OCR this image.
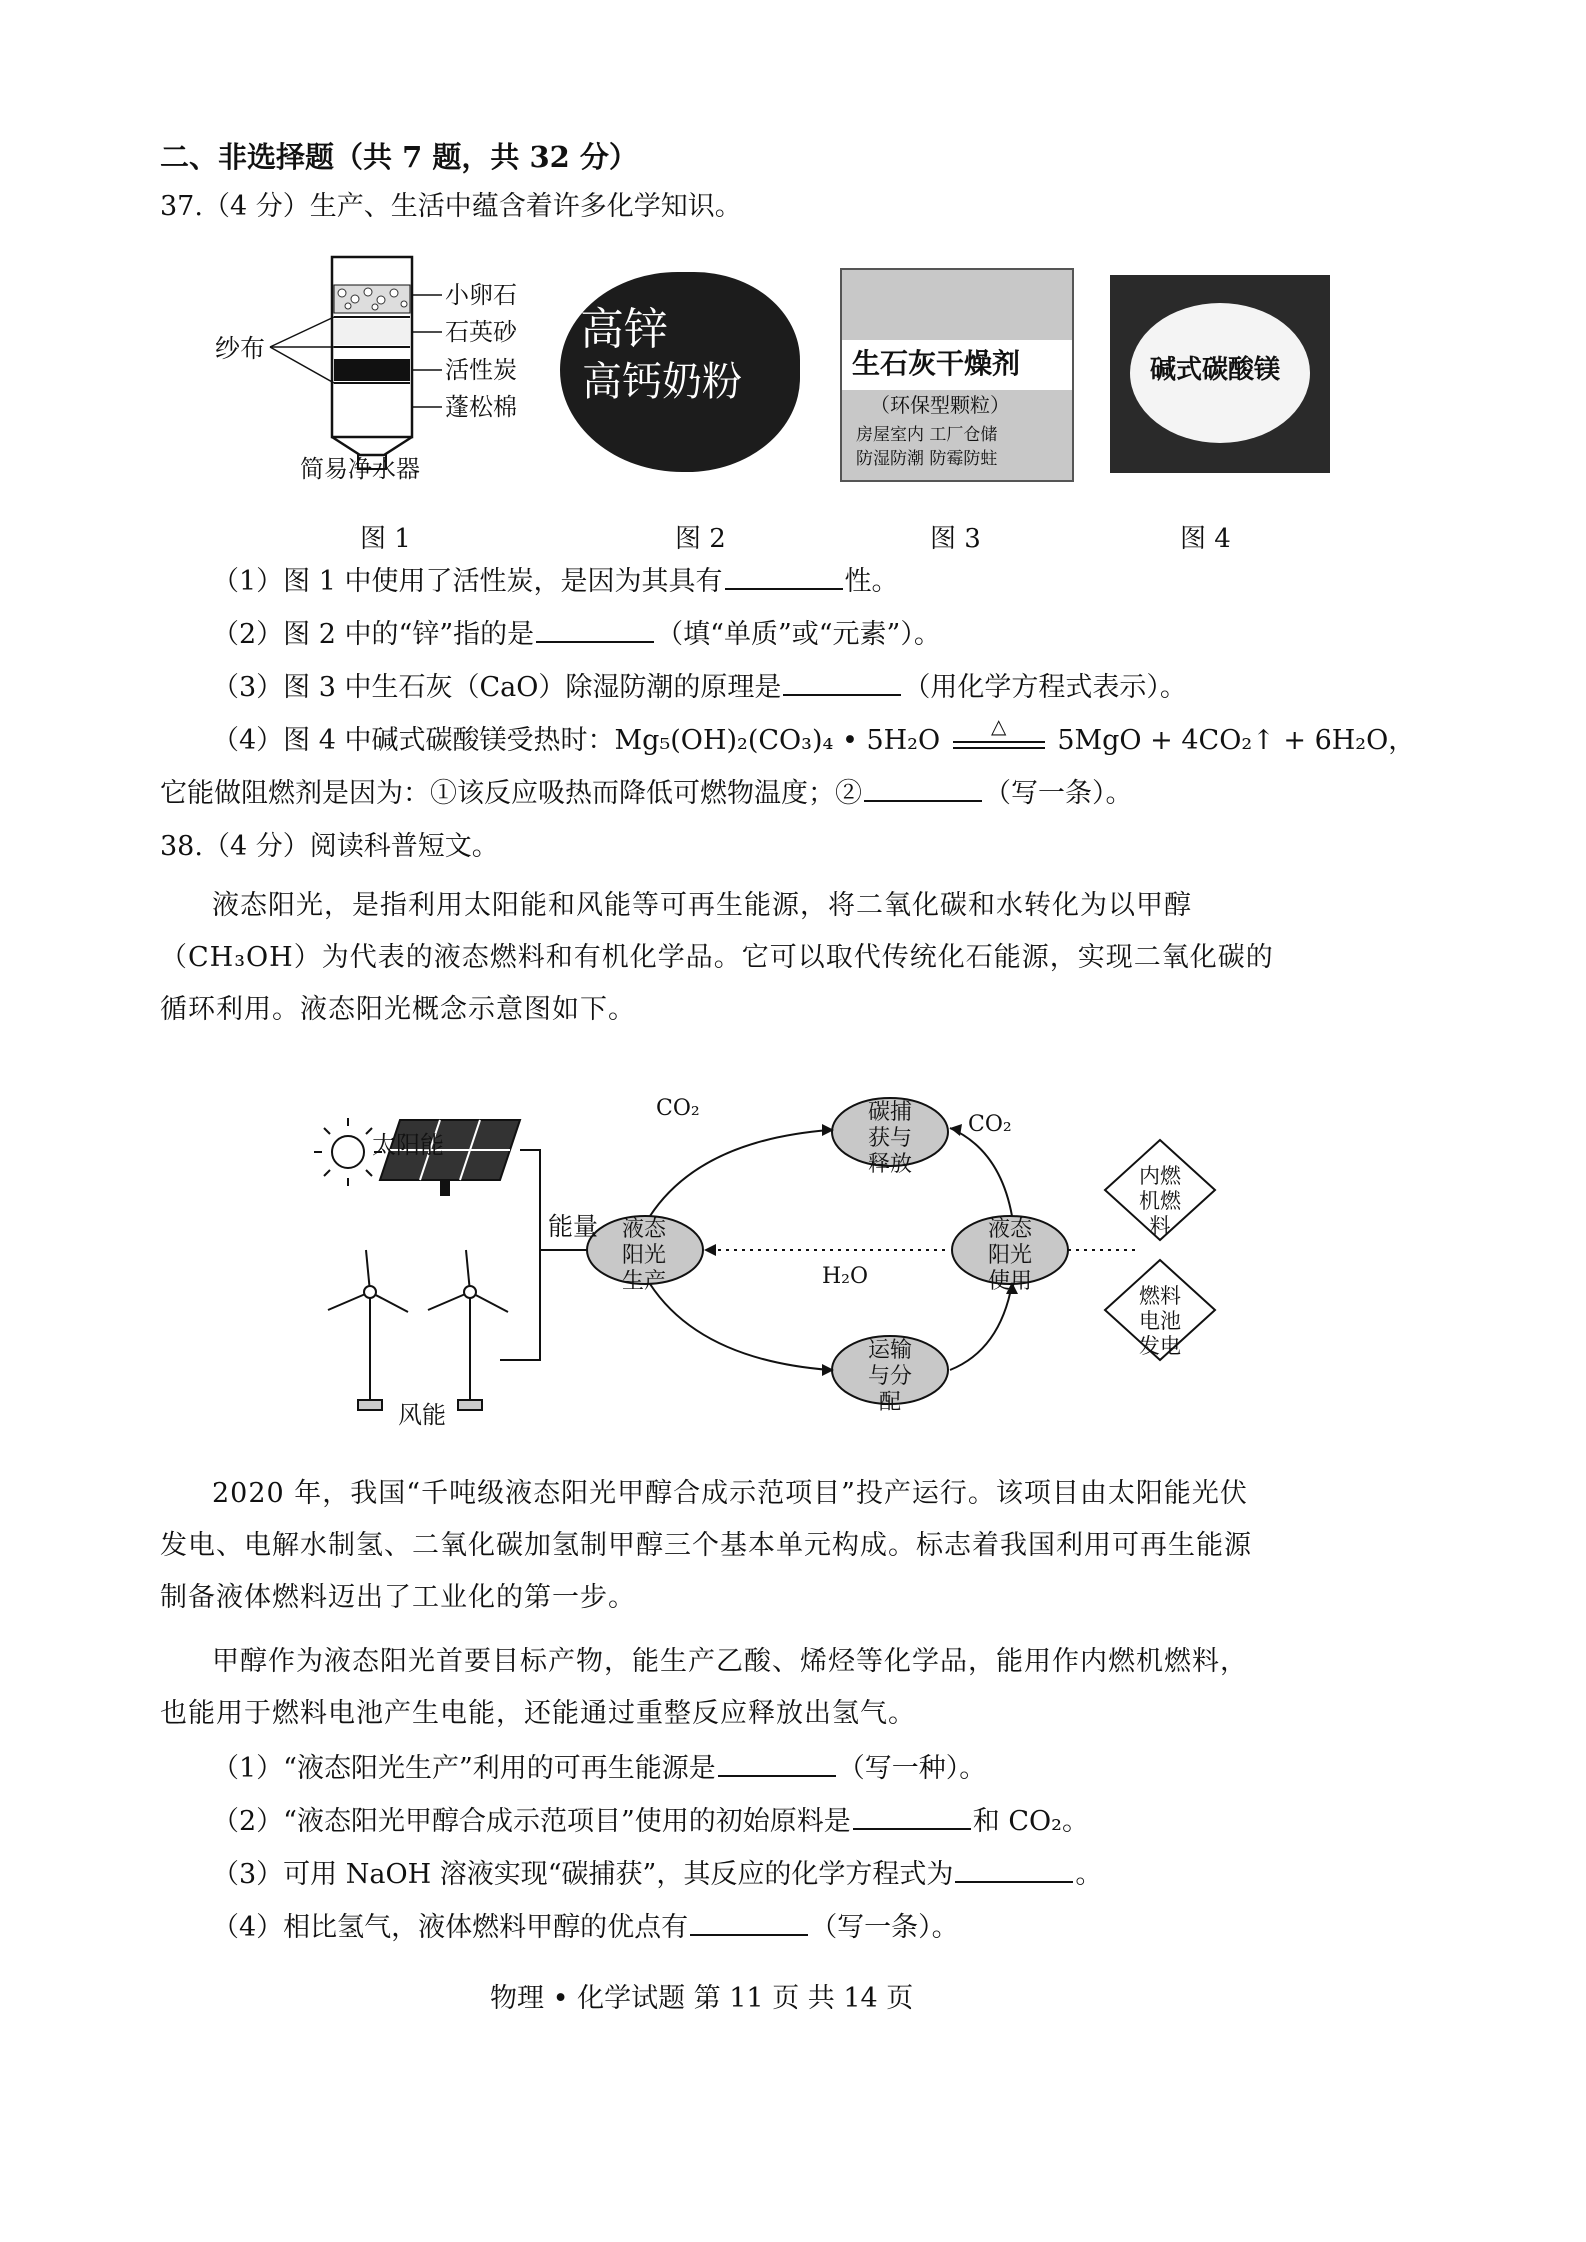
二、非选择题（共 7 题，共 32 分）
37.（4 分）生产、生活中蕴含着许多化学知识。
纱布
小卵石
石英砂
活性炭
蓬松棉
简易净水器
高锌
高钙奶粉	生石灰干燥剂
（环保型颗粒）
房屋室内 工厂仓储
防湿防潮 防霉防蛀
碱式碳酸镁
图 1	图 2	图 3	图 4
（1）图 1 中使用了活性炭，是因为其具有	性。
（2）图 2 中的“锌”指的是	（填“单质”或“元素”）。
（3）图 3 中生石灰（CaO）除湿防潮的原理是	（用化学方程式表示）。
（4）图 4 中碱式碳酸镁受热时：Mg₅(OH)₂(CO₃)₄ • 5H₂O	△	5MgO + 4CO₂↑ + 6H₂O，
它能做阻燃剂是因为：①该反应吸热而降低可燃物温度；②	（写一条）。
38.（4 分）阅读科普短文。
液态阳光，是指利用太阳能和风能等可再生能源，将二氧化碳和水转化为以甲醇
（CH₃OH）为代表的液态燃料和有机化学品。它可以取代传统化石能源，实现二氧化碳的
循环利用。液态阳光概念示意图如下。
太阳能
风能
能量	液态阳光生产
碳捕获与释放
运输与分配
液态阳光使用
CO₂
CO₂
H₂O
内燃机燃料
燃料电池发电
2020 年，我国“千吨级液态阳光甲醇合成示范项目”投产运行。该项目由太阳能光伏
发电、电解水制氢、二氧化碳加氢制甲醇三个基本单元构成。标志着我国利用可再生能源
制备液体燃料迈出了工业化的第一步。
甲醇作为液态阳光首要目标产物，能生产乙酸、烯烃等化学品，能用作内燃机燃料，
也能用于燃料电池产生电能，还能通过重整反应释放出氢气。
（1）“液态阳光生产”利用的可再生能源是	（写一种）。
（2）“液态阳光甲醇合成示范项目”使用的初始原料是	和 CO₂。
（3）可用 NaOH 溶液实现“碳捕获”，其反应的化学方程式为	。
（4）相比氢气，液体燃料甲醇的优点有	（写一条）。
物理 • 化学试题 第 11 页 共 14 页
